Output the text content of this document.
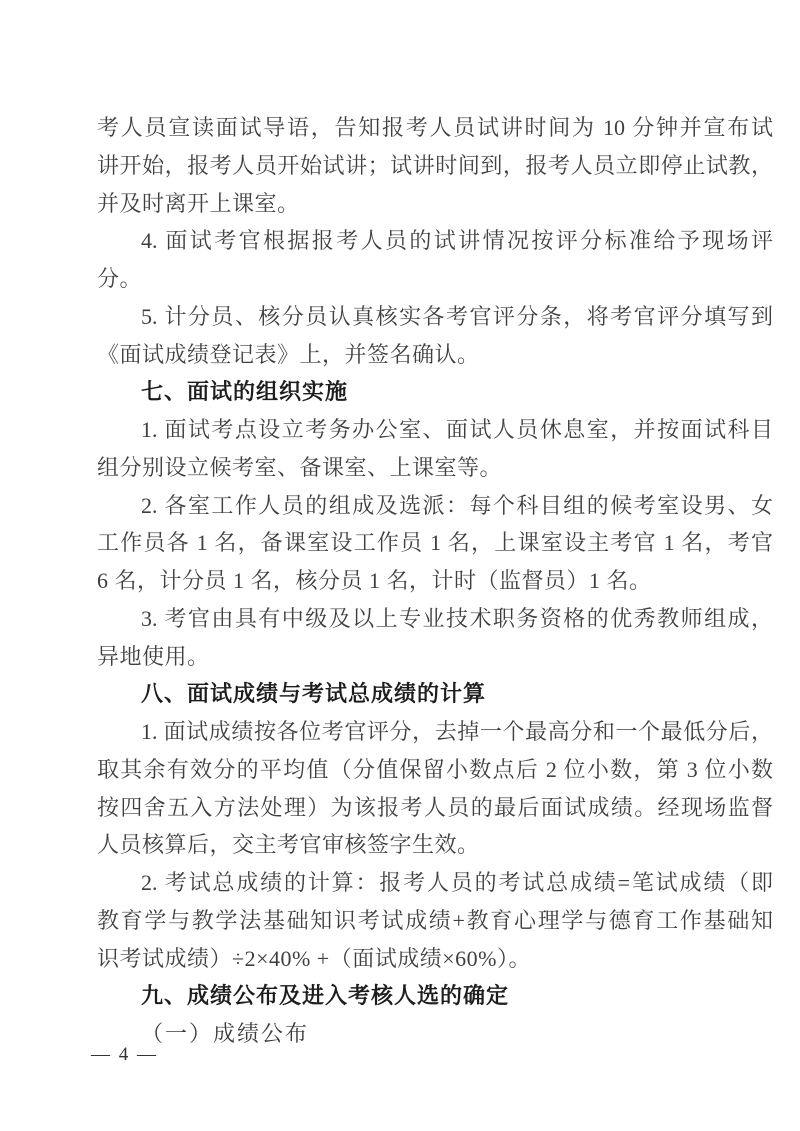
考人员宣读面试导语，告知报考人员试讲时间为 10 分钟并宣布试
讲开始，报考人员开始试讲；试讲时间到，报考人员立即停止试教，
并及时离开上课室。
4. 面试考官根据报考人员的试讲情况按评分标准给予现场评
分。
5. 计分员、核分员认真核实各考官评分条，将考官评分填写到
《面试成绩登记表》上，并签名确认。
七、面试的组织实施
1. 面试考点设立考务办公室、面试人员休息室，并按面试科目
组分别设立候考室、备课室、上课室等。
2. 各室工作人员的组成及选派：每个科目组的候考室设男、女
工作员各 1 名，备课室设工作员 1 名，上课室设主考官 1 名，考官
6 名，计分员 1 名，核分员 1 名，计时（监督员）1 名。
3. 考官由具有中级及以上专业技术职务资格的优秀教师组成，
异地使用。
八、面试成绩与考试总成绩的计算
1. 面试成绩按各位考官评分，去掉一个最高分和一个最低分后，
取其余有效分的平均值（分值保留小数点后 2 位小数，第 3 位小数
按四舍五入方法处理）为该报考人员的最后面试成绩。经现场监督
人员核算后，交主考官审核签字生效。
2. 考试总成绩的计算：报考人员的考试总成绩=笔试成绩（即
教育学与教学法基础知识考试成绩+教育心理学与德育工作基础知
识考试成绩）÷2×40% +（面试成绩×60%）。
九、成绩公布及进入考核人选的确定
（一）成绩公布
— 4 —
